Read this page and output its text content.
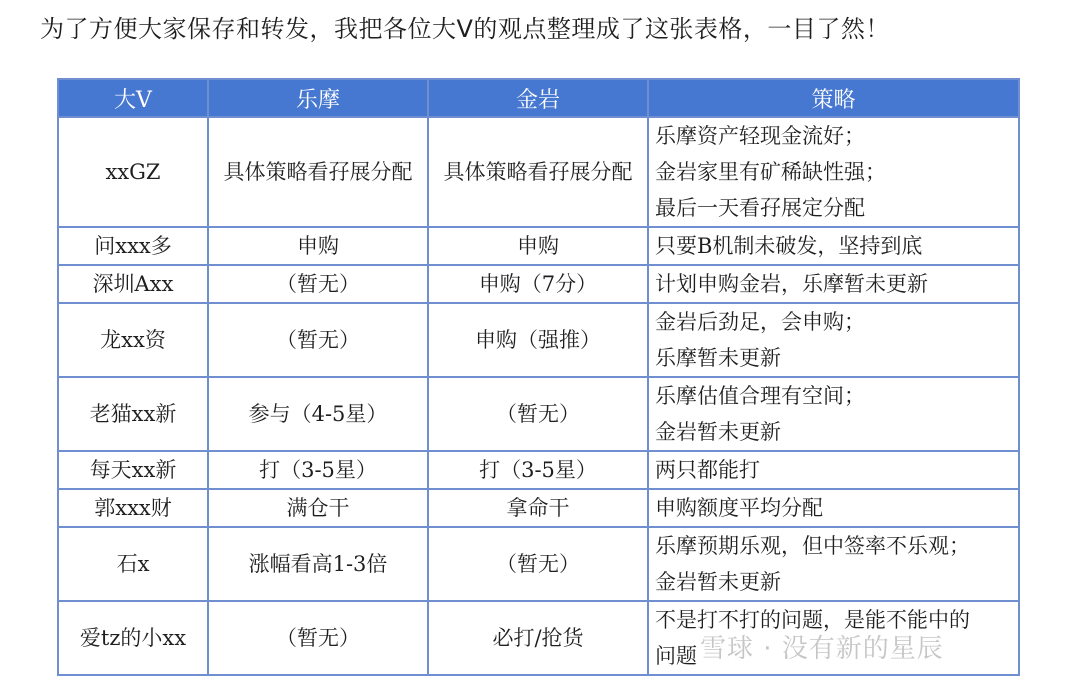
为了方便大家保存和转发，我把各位大V的观点整理成了这张表格，一目了然！
大V	乐摩	金岩	策略
xxGZ	具体策略看孖展分配	具体策略看孖展分配	乐摩资产轻现金流好；
金岩家里有矿稀缺性强；
最后一天看孖展定分配

问xxx多	申购	申购	只要B机制未破发，坚持到底

深圳Axx	（暂无）	申购（7分）	计划申购金岩，乐摩暂未更新

龙xx资	（暂无）	申购（强推）	金岩后劲足，会申购；
乐摩暂未更新

老猫xx新	参与（4-5星）	（暂无）	乐摩估值合理有空间；
金岩暂未更新

每天xx新	打（3-5星）	打（3-5星）	两只都能打

郭xxx财	满仓干	拿命干	申购额度平均分配

石x	涨幅看高1-3倍	（暂无）	乐摩预期乐观，但中签率不乐观；
金岩暂未更新

爱tz的小xx	（暂无）	必打/抢货	不是打不打的问题，是能不能中的
问题 雪球 · 没有新的星辰
